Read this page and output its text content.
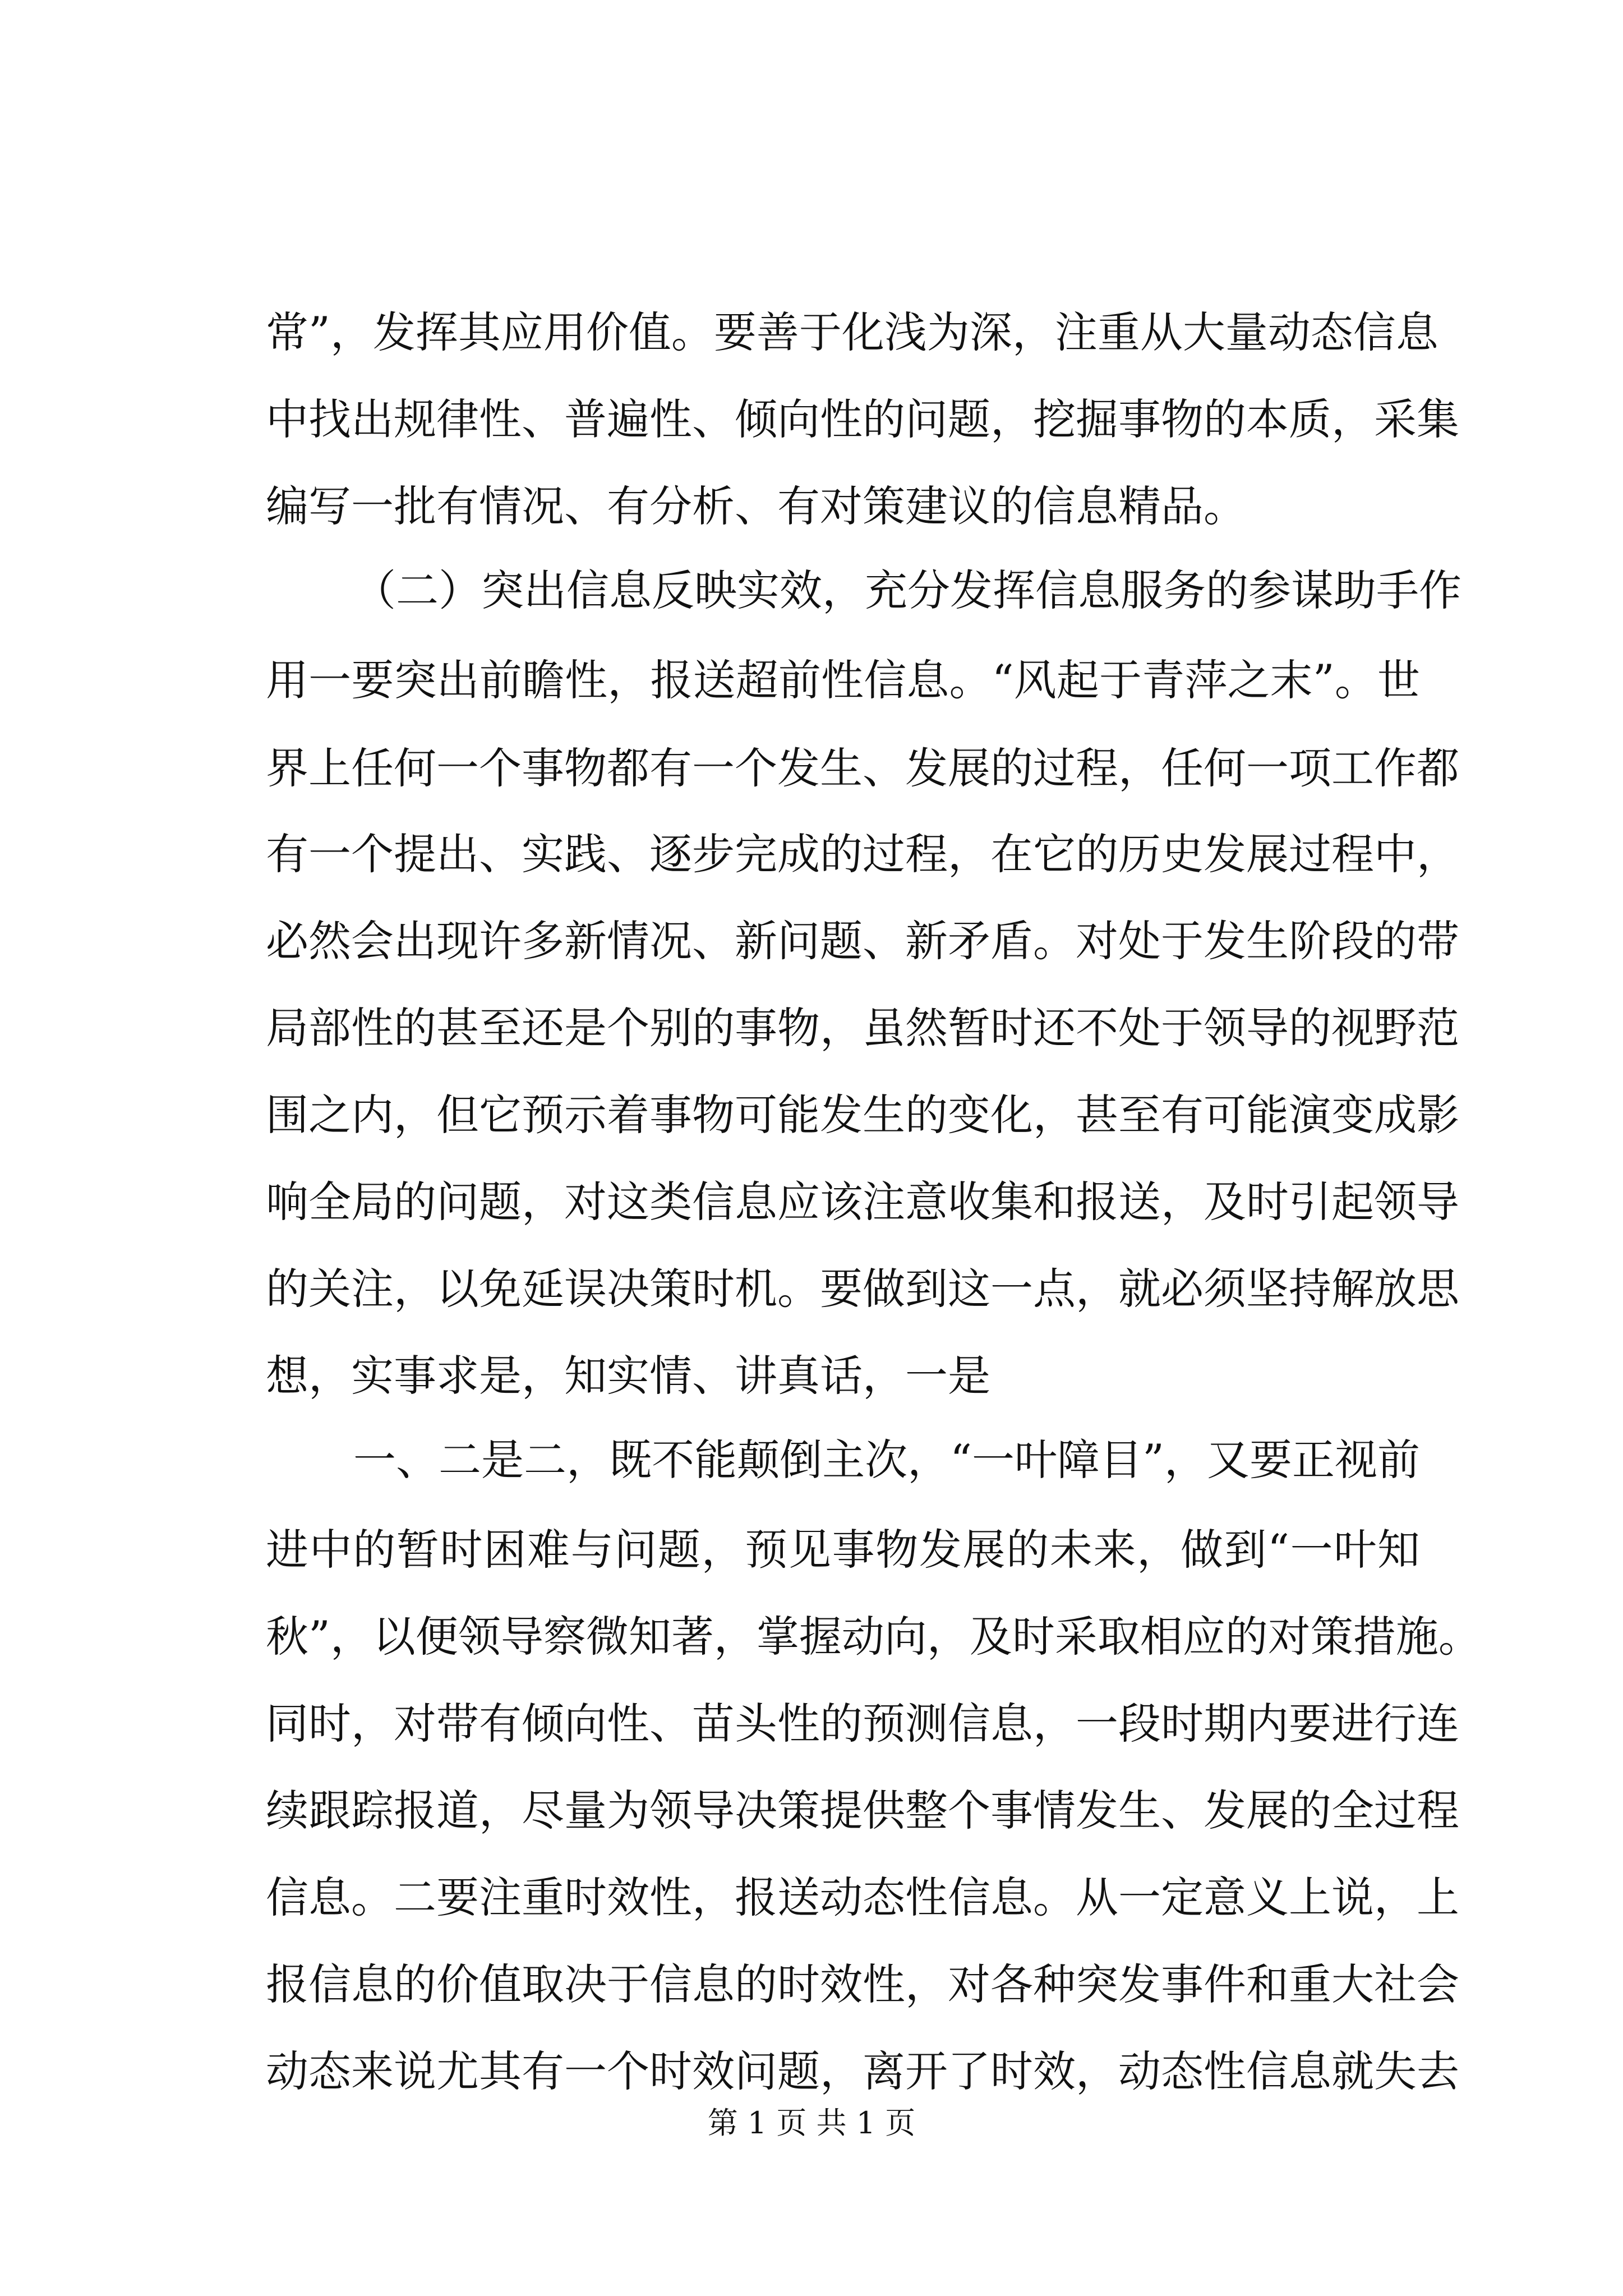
常”，发挥其应用价值。要善于化浅为深，注重从大量动态信息
中找出规律性、普遍性、倾向性的问题，挖掘事物的本质，采集
编写一批有情况、有分析、有对策建议的信息精品。
（二）突出信息反映实效，充分发挥信息服务的参谋助手作
用一要突出前瞻性，报送超前性信息。“风起于青萍之末”。世
界上任何一个事物都有一个发生、发展的过程，任何一项工作都
有一个提出、实践、逐步完成的过程，在它的历史发展过程中，
必然会出现许多新情况、新问题、新矛盾。对处于发生阶段的带
局部性的甚至还是个别的事物，虽然暂时还不处于领导的视野范
围之内，但它预示着事物可能发生的变化，甚至有可能演变成影
响全局的问题，对这类信息应该注意收集和报送，及时引起领导
的关注，以免延误决策时机。要做到这一点，就必须坚持解放思
想，实事求是，知实情、讲真话，一是
一、二是二，既不能颠倒主次，“一叶障目”，又要正视前
进中的暂时困难与问题，预见事物发展的未来，做到“一叶知
秋”，以便领导察微知著，掌握动向，及时采取相应的对策措施。
同时，对带有倾向性、苗头性的预测信息，一段时期内要进行连
续跟踪报道，尽量为领导决策提供整个事情发生、发展的全过程
信息。二要注重时效性，报送动态性信息。从一定意义上说，上
报信息的价值取决于信息的时效性，对各种突发事件和重大社会
动态来说尤其有一个时效问题，离开了时效，动态性信息就失去
第 1 页 共 1 页
